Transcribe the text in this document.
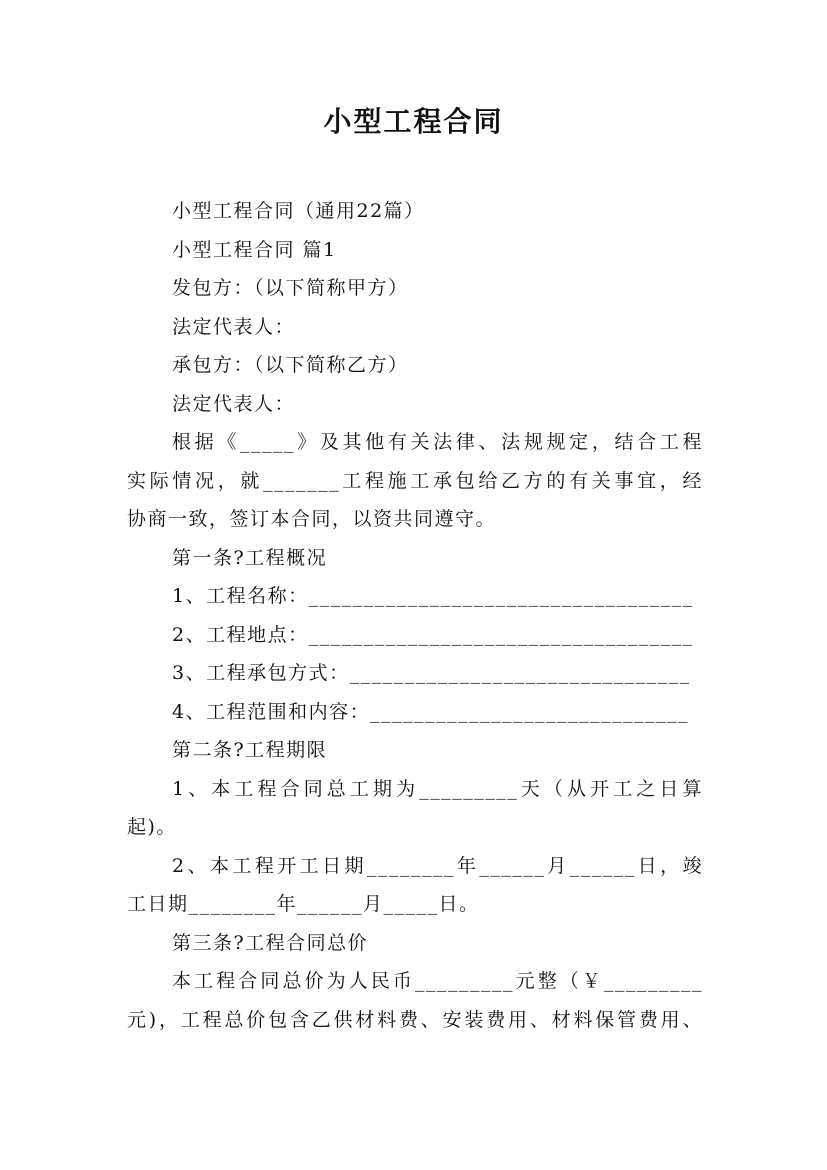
小型工程合同
小型工程合同（通用22篇）
小型工程合同 篇1
发包方：（以下简称甲方）
法定代表人：
承包方：（以下简称乙方）
法定代表人：
根据《_____》及其他有关法律、法规规定，结合工程
实际情况，就_______工程施工承包给乙方的有关事宜，经
协商一致，签订本合同，以资共同遵守。
第一条?工程概况
1、工程名称：___________________________________
2、工程地点：___________________________________
3、工程承包方式：_______________________________
4、工程范围和内容：_____________________________
第二条?工程期限
1、本工程合同总工期为_________天（从开工之日算
起)。
2、本工程开工日期________年______月______日，竣
工日期________年______月_____日。
第三条?工程合同总价
本工程合同总价为人民币_________元整（￥_________
元)，工程总价包含乙供材料费、安装费用、材料保管费用、
